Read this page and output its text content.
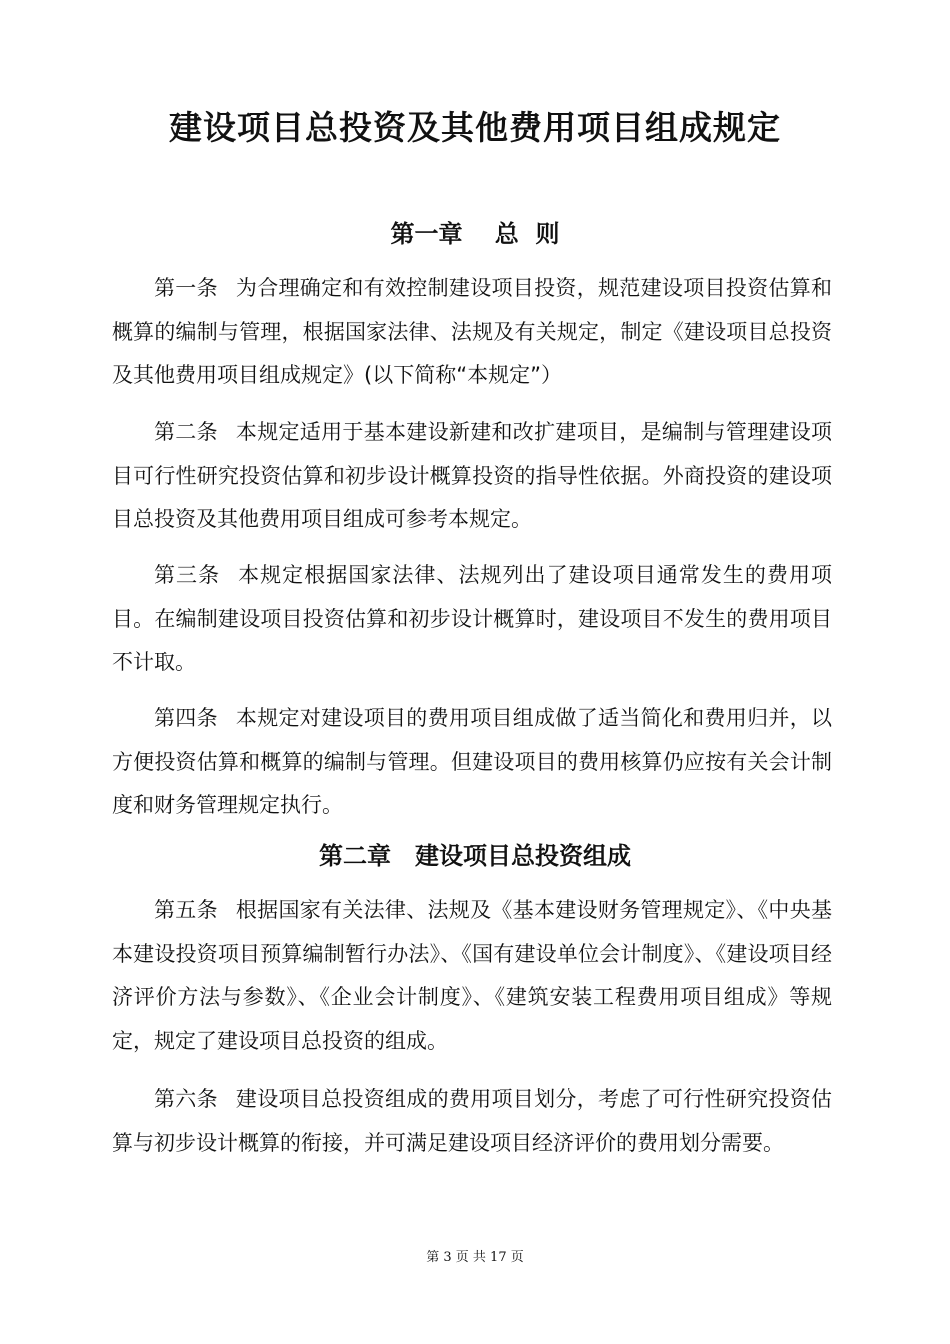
建设项目总投资及其他费用项目组成规定
第一章　 总  则

第一条 为合理确定和有效控制建设项目投资，规范建设项目投资估算和概算的编制与管理，根据国家法律、法规及有关规定，制定《建设项目总投资及其他费用项目组成规定》(以下简称“本规定”）

第二条 本规定适用于基本建设新建和改扩建项目，是编制与管理建设项目可行性研究投资估算和初步设计概算投资的指导性依据。外商投资的建设项目总投资及其他费用项目组成可参考本规定。

第三条 本规定根据国家法律、法规列出了建设项目通常发生的费用项目。在编制建设项目投资估算和初步设计概算时，建设项目不发生的费用项目不计取。

第四条 本规定对建设项目的费用项目组成做了适当简化和费用归并，以方便投资估算和概算的编制与管理。但建设项目的费用核算仍应按有关会计制度和财务管理规定执行。

第二章　建设项目总投资组成

第五条 根据国家有关法律、法规及《基本建设财务管理规定》、《中央基本建设投资项目预算编制暂行办法》、《国有建设单位会计制度》、《建设项目经济评价方法与参数》、《企业会计制度》、《建筑安装工程费用项目组成》等规定，规定了建设项目总投资的组成。

第六条 建设项目总投资组成的费用项目划分，考虑了可行性研究投资估算与初步设计概算的衔接，并可满足建设项目经济评价的费用划分需要。

第 3 页 共 17 页
